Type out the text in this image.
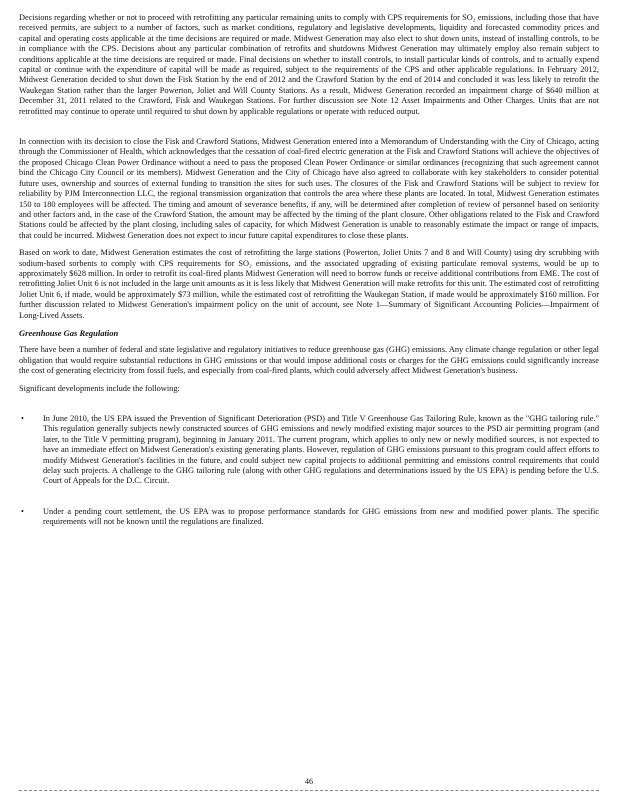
Decisions regarding whether or not to proceed with retrofitting any particular remaining units to comply with CPS requirements for SO₂ emissions, including those that have received permits, are subject to a number of factors, such as market conditions, regulatory and legislative developments, liquidity and forecasted commodity prices and capital and operating costs applicable at the time decisions are required or made. Midwest Generation may also elect to shut down units, instead of installing controls, to be in compliance with the CPS. Decisions about any particular combination of retrofits and shutdowns Midwest Generation may ultimately employ also remain subject to conditions applicable at the time decisions are required or made. Final decisions on whether to install controls, to install particular kinds of controls, and to actually expend capital or continue with the expenditure of capital will be made as required, subject to the requirements of the CPS and other applicable regulations. In February 2012, Midwest Generation decided to shut down the Fisk Station by the end of 2012 and the Crawford Station by the end of 2014 and concluded it was less likely to retrofit the Waukegan Station rather than the larger Powerton, Joliet and Will County Stations. As a result, Midwest Generation recorded an impairment charge of $640 million at December 31, 2011 related to the Crawford, Fisk and Waukegan Stations. For further discussion see Note 12 Asset Impairments and Other Charges. Units that are not retrofitted may continue to operate until required to shut down by applicable regulations or operate with reduced output.

In connection with its decision to close the Fisk and Crawford Stations, Midwest Generation entered into a Memorandum of Understanding with the City of Chicago, acting through the Commissioner of Health, which acknowledges that the cessation of coal-fired electric generation at the Fisk and Crawford Stations will achieve the objectives of the proposed Chicago Clean Power Ordinance without a need to pass the proposed Clean Power Ordinance or similar ordinances (recognizing that such agreement cannot bind the Chicago City Council or its members). Midwest Generation and the City of Chicago have also agreed to collaborate with key stakeholders to consider potential future uses, ownership and sources of external funding to transition the sites for such uses. The closures of the Fisk and Crawford Stations will be subject to review for reliability by PJM Interconnection LLC, the regional transmission organization that controls the area where these plants are located. In total, Midwest Generation estimates 150 to 180 employees will be affected. The timing and amount of severance benefits, if any, will be determined after completion of review of personnel based on seniority and other factors and, in the case of the Crawford Station, the amount may be affected by the timing of the plant closure. Other obligations related to the Fisk and Crawford Stations could be affected by the plant closing, including sales of capacity, for which Midwest Generation is unable to reasonably estimate the impact or range of impacts, that could be incurred. Midwest Generation does not expect to incur future capital expenditures to close these plants.

Based on work to date, Midwest Generation estimates the cost of retrofitting the large stations (Powerton, Joliet Units 7 and 8 and Will County) using dry scrubbing with sodium-based sorbents to comply with CPS requirements for SO₂ emissions, and the associated upgrading of existing particulate removal systems, would be up to approximately $628 million. In order to retrofit its coal-fired plants Midwest Generation will need to borrow funds or receive additional contributions from EME. The cost of retrofitting Joliet Unit 6 is not included in the large unit amounts as it is less likely that Midwest Generation will make retrofits for this unit. The estimated cost of retrofitting Joliet Unit 6, if made, would be approximately $73 million, while the estimated cost of retrofitting the Waukegan Station, if made would be approximately $160 million. For further discussion related to Midwest Generation's impairment policy on the unit of account, see Note 1—Summary of Significant Accounting Policies—Impairment of Long-Lived Assets.

Greenhouse Gas Regulation

There have been a number of federal and state legislative and regulatory initiatives to reduce greenhouse gas (GHG) emissions. Any climate change regulation or other legal obligation that would require substantial reductions in GHG emissions or that would impose additional costs or charges for the GHG emissions could significantly increase the cost of generating electricity from fossil fuels, and especially from coal-fired plants, which could adversely affect Midwest Generation's business.

Significant developments include the following:

•	In June 2010, the US EPA issued the Prevention of Significant Deterioration (PSD) and Title V Greenhouse Gas Tailoring Rule, known as the "GHG tailoring rule." This regulation generally subjects newly constructed sources of GHG emissions and newly modified existing major sources to the PSD air permitting program (and later, to the Title V permitting program), beginning in January 2011. The current program, which applies to only new or newly modified sources, is not expected to have an immediate effect on Midwest Generation's existing generating plants. However, regulation of GHG emissions pursuant to this program could affect efforts to modify Midwest Generation's facilities in the future, and could subject new capital projects to additional permitting and emissions control requirements that could delay such projects. A challenge to the GHG tailoring rule (along with other GHG regulations and determinations issued by the US EPA) is pending before the U.S. Court of Appeals for the D.C. Circuit.

•	Under a pending court settlement, the US EPA was to propose performance standards for GHG emissions from new and modified power plants. The specific requirements will not be known until the regulations are finalized.

46
